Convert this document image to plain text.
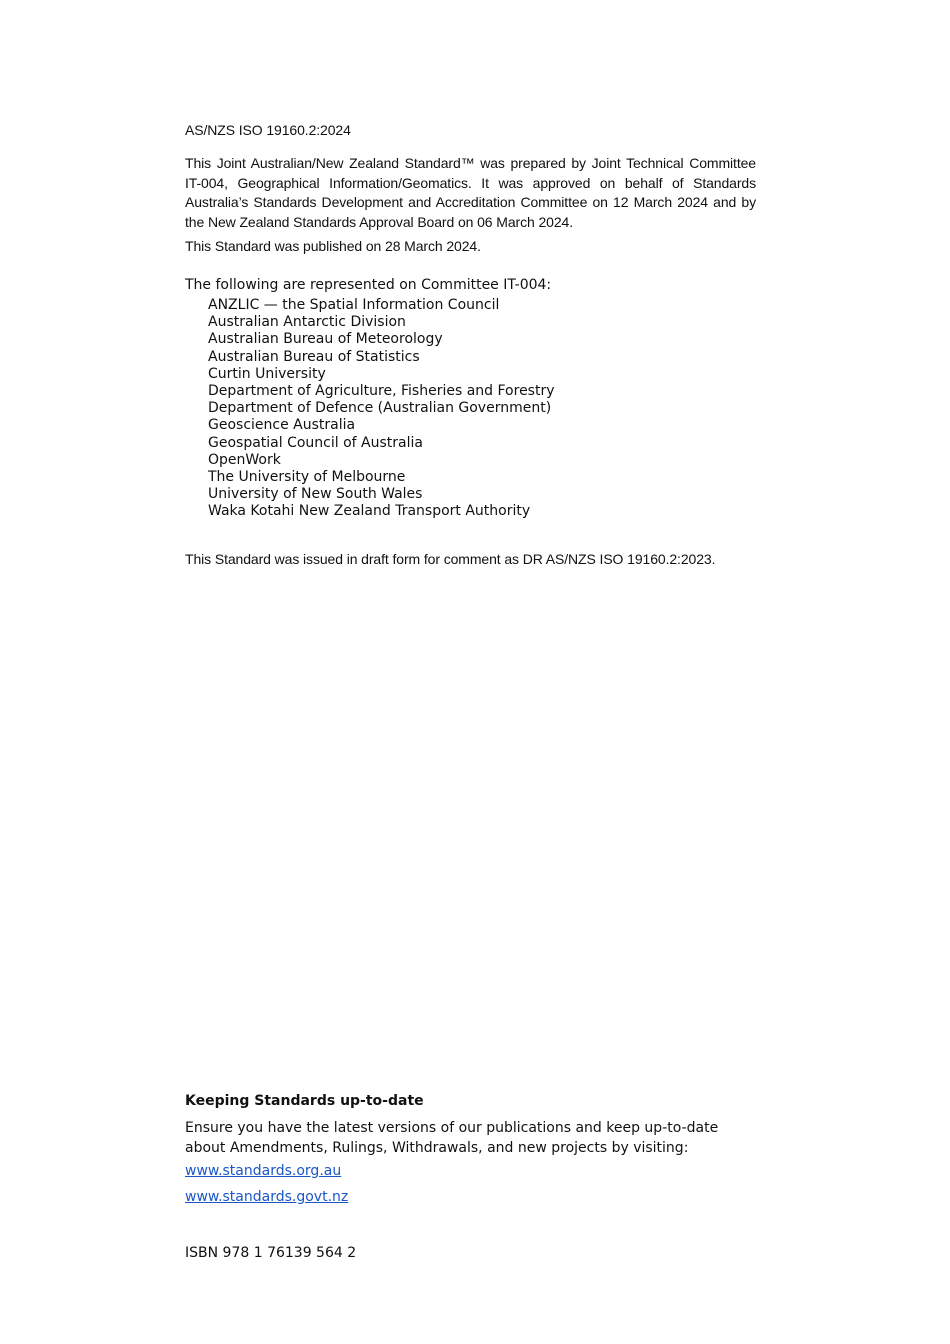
AS/NZS ISO 19160.2:2024

This Joint Australian/New Zealand Standard™ was prepared by Joint Technical Committee IT-004, Geographical Information/Geomatics. It was approved on behalf of Standards Australia’s Standards Development and Accreditation Committee on 12 March 2024 and by the New Zealand Standards Approval Board on 06 March 2024.

This Standard was published on 28 March 2024.
The following are represented on Committee IT-004:
ANZLIC — the Spatial Information Council
Australian Antarctic Division
Australian Bureau of Meteorology
Australian Bureau of Statistics
Curtin University
Department of Agriculture, Fisheries and Forestry
Department of Defence (Australian Government)
Geoscience Australia
Geospatial Council of Australia
OpenWork
The University of Melbourne
University of New South Wales
Waka Kotahi New Zealand Transport Authority
This Standard was issued in draft form for comment as DR AS/NZS ISO 19160.2:2023.
Keeping Standards up-to-date

Ensure you have the latest versions of our publications and keep up-to-date about Amendments, Rulings, Withdrawals, and new projects by visiting:

www.standards.org.au
www.standards.govt.nz
ISBN 978 1 76139 564 2
